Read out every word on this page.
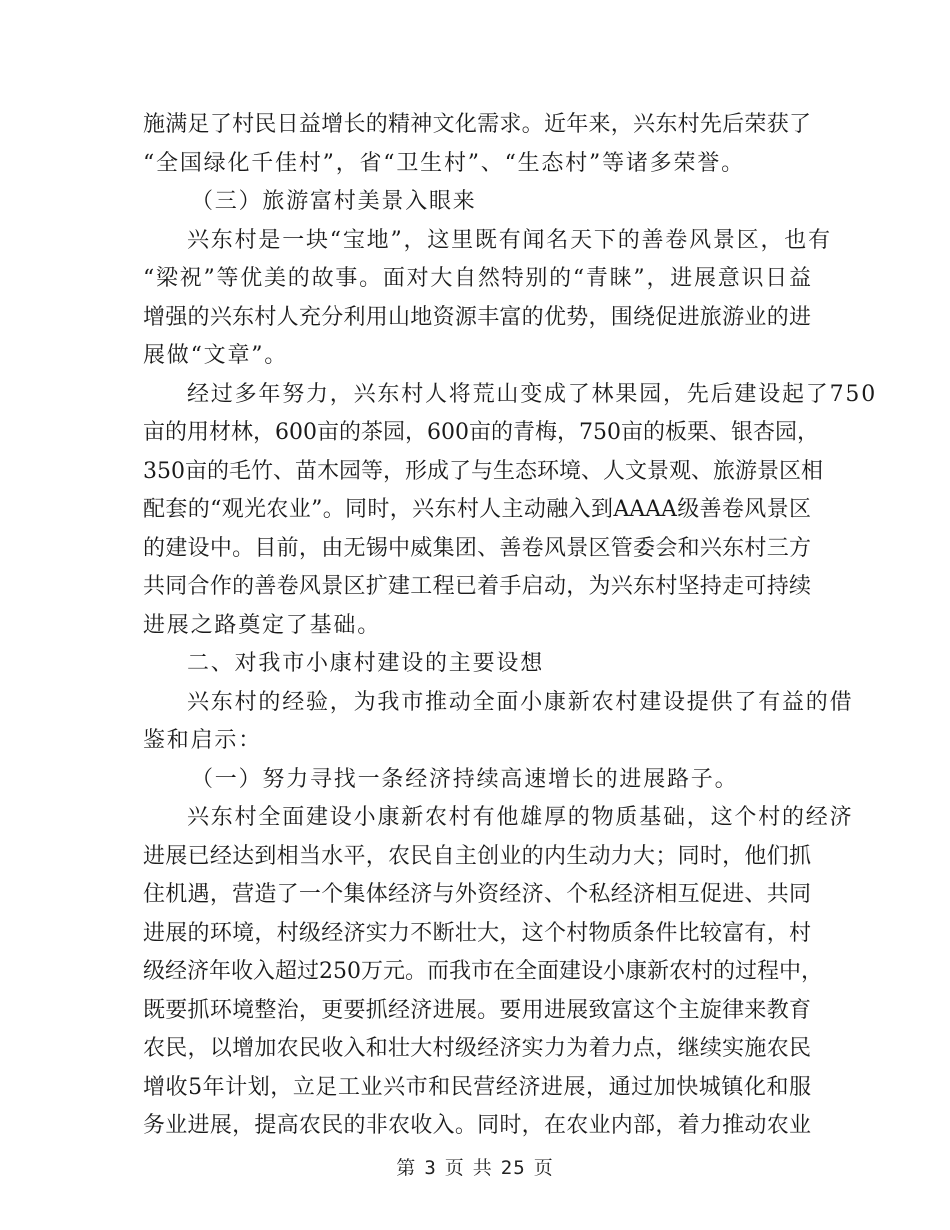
施满足了村民日益增长的精神文化需求。近年来，兴东村先后荣获了
“全国绿化千佳村”，省“卫生村”、“生态村”等诸多荣誉。
（三）旅游富村美景入眼来
兴东村是一块“宝地”，这里既有闻名天下的善卷风景区，也有
“梁祝”等优美的故事。面对大自然特别的“青睐”，进展意识日益
增强的兴东村人充分利用山地资源丰富的优势，围绕促进旅游业的进
展做“文章”。
经过多年努力，兴东村人将荒山变成了林果园，先后建设起了750
亩的用材林，600亩的茶园，600亩的青梅，750亩的板栗、银杏园，
350亩的毛竹、苗木园等，形成了与生态环境、人文景观、旅游景区相
配套的“观光农业”。同时，兴东村人主动融入到AAAA级善卷风景区
的建设中。目前，由无锡中威集团、善卷风景区管委会和兴东村三方
共同合作的善卷风景区扩建工程已着手启动，为兴东村坚持走可持续
进展之路奠定了基础。
二、对我市小康村建设的主要设想
兴东村的经验，为我市推动全面小康新农村建设提供了有益的借
鉴和启示：
（一）努力寻找一条经济持续高速增长的进展路子。
兴东村全面建设小康新农村有他雄厚的物质基础，这个村的经济
进展已经达到相当水平，农民自主创业的内生动力大；同时，他们抓
住机遇，营造了一个集体经济与外资经济、个私经济相互促进、共同
进展的环境，村级经济实力不断壮大，这个村物质条件比较富有，村
级经济年收入超过250万元。而我市在全面建设小康新农村的过程中，
既要抓环境整治，更要抓经济进展。要用进展致富这个主旋律来教育
农民，以增加农民收入和壮大村级经济实力为着力点，继续实施农民
增收5年计划，立足工业兴市和民营经济进展，通过加快城镇化和服
务业进展，提高农民的非农收入。同时，在农业内部，着力推动农业
第 3 页 共 25 页
